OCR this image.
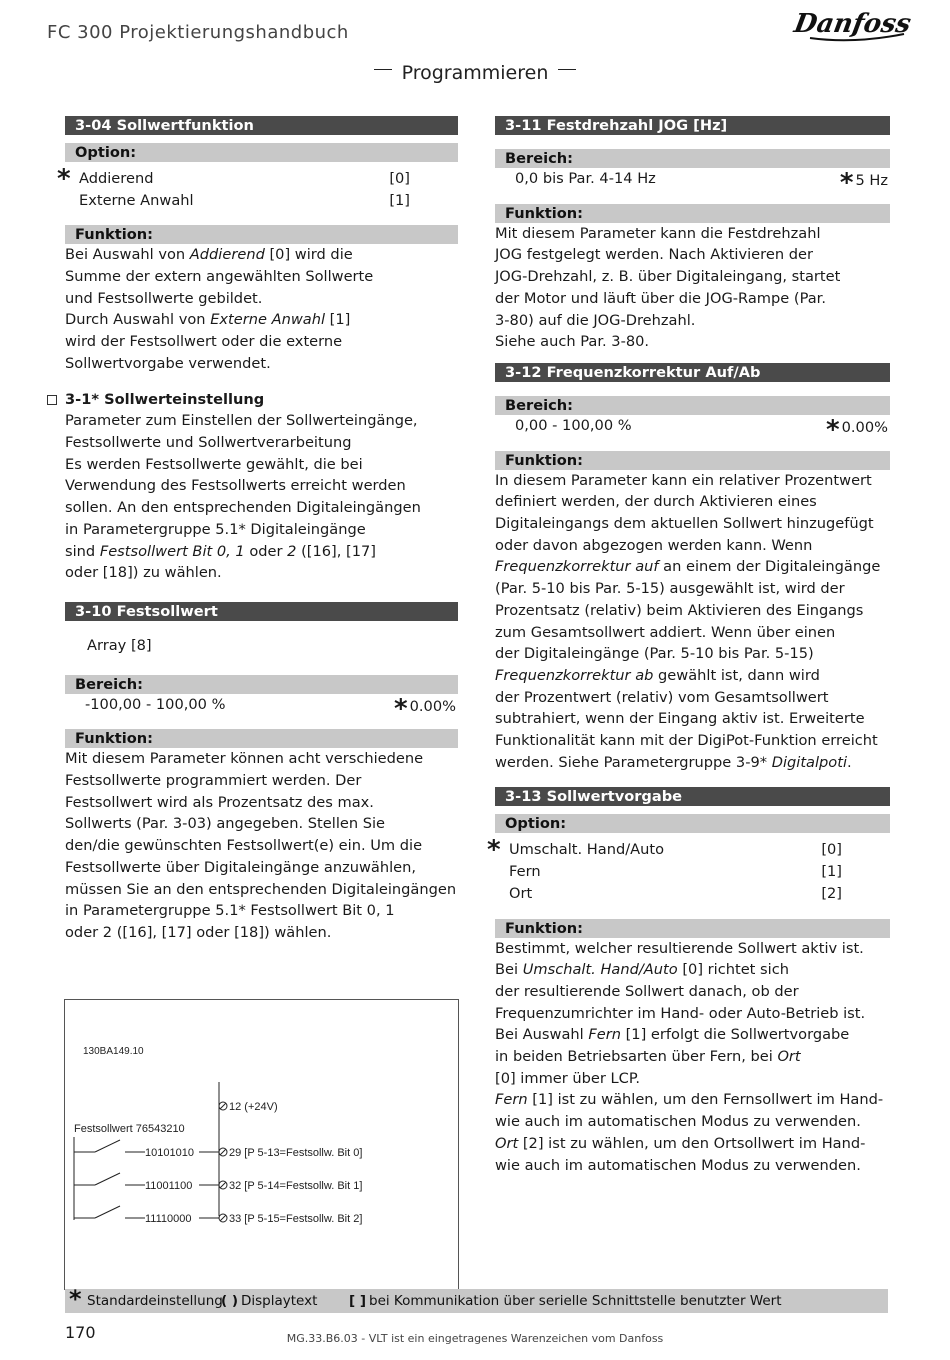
FC 300 Projektierungshandbuch	Danfoss
Programmieren
3-04 Sollwertfunktion
Option:
* Addierend	[0]
Externe Anwahl	[1]
Funktion:

Bei Auswahl von Addierend [0] wird die

Summe der extern angewählten Sollwerte

und Festsollwerte gebildet.

Durch Auswahl von Externe Anwahl [1]

wird der Festsollwert oder die externe

Sollwertvorgabe verwendet.

3-1* Sollwerteinstellung

Parameter zum Einstellen der Sollwerteingänge,

Festsollwerte und Sollwertverarbeitung

Es werden Festsollwerte gewählt, die bei

Verwendung des Festsollwerts erreicht werden

sollen. An den entsprechenden Digitaleingängen

in Parametergruppe 5.1* Digitaleingänge

sind Festsollwert Bit 0, 1 oder 2 ([16], [17]

oder [18]) zu wählen.

3-10 Festsollwert
Array [8]
Bereich:
-100,00 - 100,00 %	* 0.00%
Funktion:

Mit diesem Parameter können acht verschiedene

Festsollwerte programmiert werden. Der

Festsollwert wird als Prozentsatz des max.

Sollwerts (Par. 3-03) angegeben. Stellen Sie

den/die gewünschten Festsollwert(e) ein. Um die

Festsollwerte über Digitaleingänge anzuwählen,

müssen Sie an den entsprechenden Digitaleingängen

in Parametergruppe 5.1* Festsollwert Bit 0, 1

oder 2 ([16], [17] oder [18]) wählen.

130BA149.10
12 (+24V)
Festsollwert 76543210
10101010	29 [P 5-13=Festsollw. Bit 0]
11001100	32 [P 5-14=Festsollw. Bit 1]
11110000	33 [P 5-15=Festsollw. Bit 2]
3-11 Festdrehzahl JOG [Hz]
Bereich:
0,0 bis Par. 4-14 Hz	* 5 Hz
Funktion:

Mit diesem Parameter kann die Festdrehzahl

JOG festgelegt werden. Nach Aktivieren der

JOG-Drehzahl, z. B. über Digitaleingang, startet

der Motor und läuft über die JOG-Rampe (Par.

3-80) auf die JOG-Drehzahl.

Siehe auch Par. 3-80.

3-12 Frequenzkorrektur Auf/Ab
Bereich:
0,00 - 100,00 %	* 0.00%
Funktion:

In diesem Parameter kann ein relativer Prozentwert

definiert werden, der durch Aktivieren eines

Digitaleingangs dem aktuellen Sollwert hinzugefügt

oder davon abgezogen werden kann. Wenn

Frequenzkorrektur auf an einem der Digitaleingänge

(Par. 5-10 bis Par. 5-15) ausgewählt ist, wird der

Prozentsatz (relativ) beim Aktivieren des Eingangs

zum Gesamtsollwert addiert. Wenn über einen

der Digitaleingänge (Par. 5-10 bis Par. 5-15)

Frequenzkorrektur ab gewählt ist, dann wird

der Prozentwert (relativ) vom Gesamtsollwert

subtrahiert, wenn der Eingang aktiv ist. Erweiterte

Funktionalität kann mit der DigiPot-Funktion erreicht

werden. Siehe Parametergruppe 3-9* Digitalpoti.

3-13 Sollwertvorgabe
Option:
* Umschalt. Hand/Auto	[0]
Fern	[1]
Ort	[2]
Funktion:

Bestimmt, welcher resultierende Sollwert aktiv ist.

Bei Umschalt. Hand/Auto [0] richtet sich

der resultierende Sollwert danach, ob der

Frequenzumrichter im Hand- oder Auto-Betrieb ist.

Bei Auswahl Fern [1] erfolgt die Sollwertvorgabe

in beiden Betriebsarten über Fern, bei Ort

[0] immer über LCP.

Fern [1] ist zu wählen, um den Fernsollwert im Hand-

wie auch im automatischen Modus zu verwenden.

Ort [2] ist zu wählen, um den Ortsollwert im Hand-

wie auch im automatischen Modus zu verwenden.

* Standardeinstellung
( ) Displaytext [ ] bei Kommunikation über serielle Schnittstelle benutzter Wert
170	MG.33.B6.03 - VLT ist ein eingetragenes Warenzeichen vom Danfoss
